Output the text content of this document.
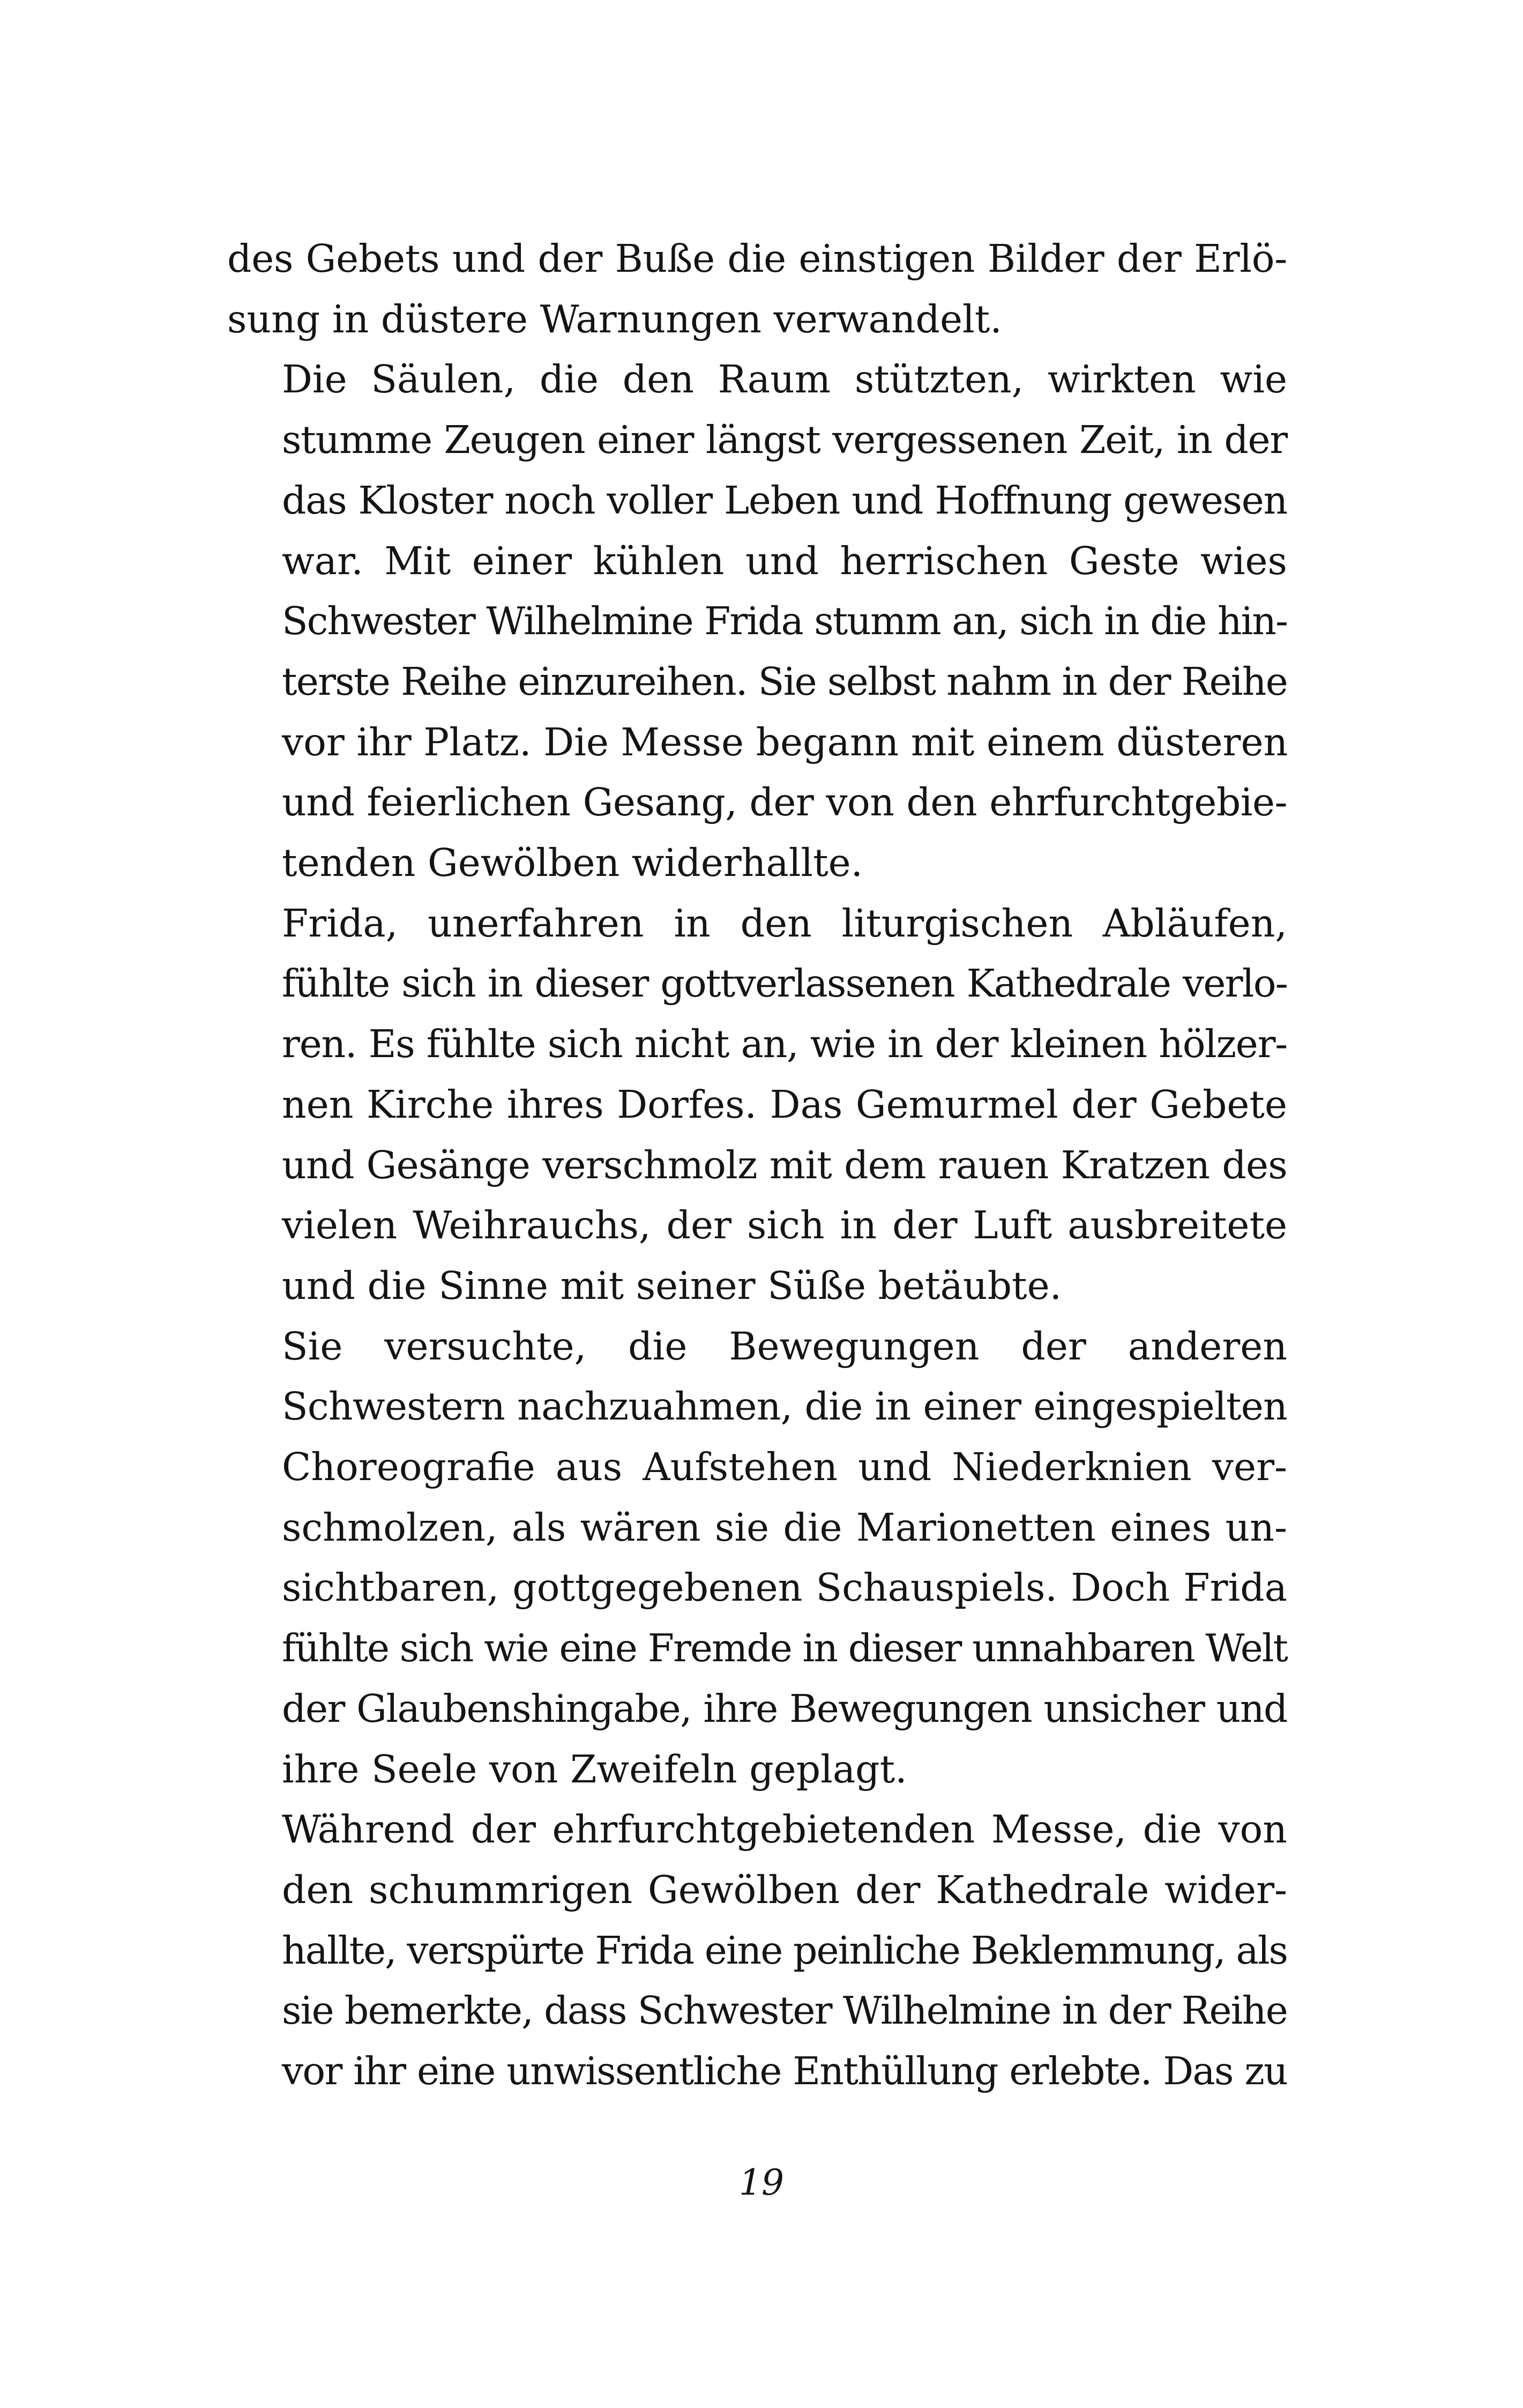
des Gebets und der Buße die einstigen Bilder der Erlö-
sung in düstere Warnungen verwandelt.

Die Säulen, die den Raum stützten, wirkten wie
stumme Zeugen einer längst vergessenen Zeit, in der
das Kloster noch voller Leben und Hoffnung gewesen
war. Mit einer kühlen und herrischen Geste wies
Schwester Wilhelmine Frida stumm an, sich in die hin-
terste Reihe einzureihen. Sie selbst nahm in der Reihe
vor ihr Platz. Die Messe begann mit einem düsteren
und feierlichen Gesang, der von den ehrfurchtgebie-
tenden Gewölben widerhallte.

Frida, unerfahren in den liturgischen Abläufen,
fühlte sich in dieser gottverlassenen Kathedrale verlo-
ren. Es fühlte sich nicht an, wie in der kleinen hölzer-
nen Kirche ihres Dorfes. Das Gemurmel der Gebete
und Gesänge verschmolz mit dem rauen Kratzen des
vielen Weihrauchs, der sich in der Luft ausbreitete
und die Sinne mit seiner Süße betäubte.

Sie versuchte, die Bewegungen der anderen
Schwestern nachzuahmen, die in einer eingespielten
Choreografie aus Aufstehen und Niederknien ver-
schmolzen, als wären sie die Marionetten eines un-
sichtbaren, gottgegebenen Schauspiels. Doch Frida
fühlte sich wie eine Fremde in dieser unnahbaren Welt
der Glaubenshingabe, ihre Bewegungen unsicher und
ihre Seele von Zweifeln geplagt.

Während der ehrfurchtgebietenden Messe, die von
den schummrigen Gewölben der Kathedrale wider-
hallte, verspürte Frida eine peinliche Beklemmung, als
sie bemerkte, dass Schwester Wilhelmine in der Reihe
vor ihr eine unwissentliche Enthüllung erlebte. Das zu

19
